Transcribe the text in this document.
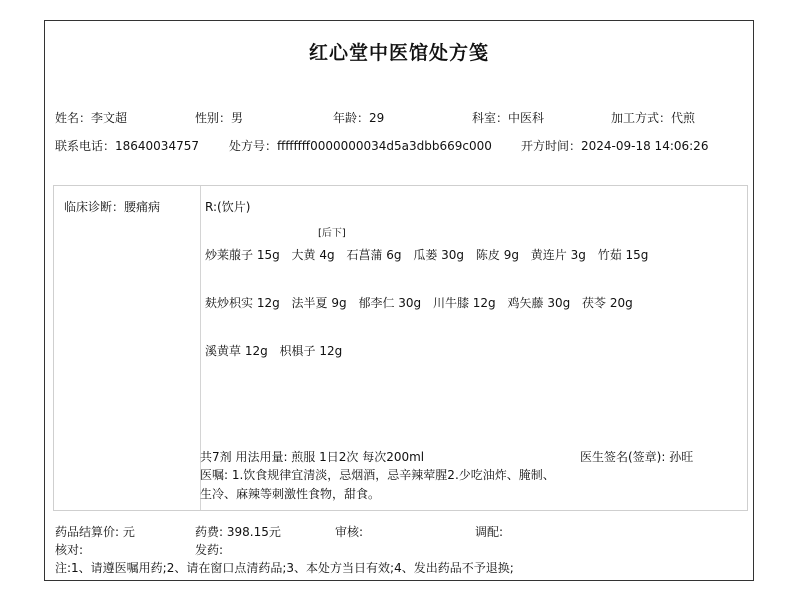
红心堂中医馆处方笺
姓名：李文超	性别：男	年龄：29	科室：中医科	加工方式：代煎
联系电话：18640034757	处方号：ffffffff0000000034d5a3dbb669c000 开方时间：2024-09-18 14:06:26
临床诊断：腰痛病	R:(饮片)
[后下]
炒莱菔子 15g 大黄 4g 石菖蒲 6g 瓜蒌 30g 陈皮 9g 黄连片 3g 竹茹 15g
麸炒枳实 12g 法半夏 9g 郁李仁 30g 川牛膝 12g 鸡矢藤 30g 茯苓 20g
溪黄草 12g 枳椇子 12g
共7剂 用法用量: 煎服 1日2次 每次200ml	医生签名(签章): 孙旺
医嘱: 1.饮食规律宜清淡，忌烟酒，忌辛辣荤腥2.少吃油炸、腌制、
生冷、麻辣等刺激性食物，甜食。
药品结算价: 元	药费: 398.15元	审核:	调配:
核对:	发药:
注:1、请遵医嘱用药;2、请在窗口点清药品;3、本处方当日有效;4、发出药品不予退换;
